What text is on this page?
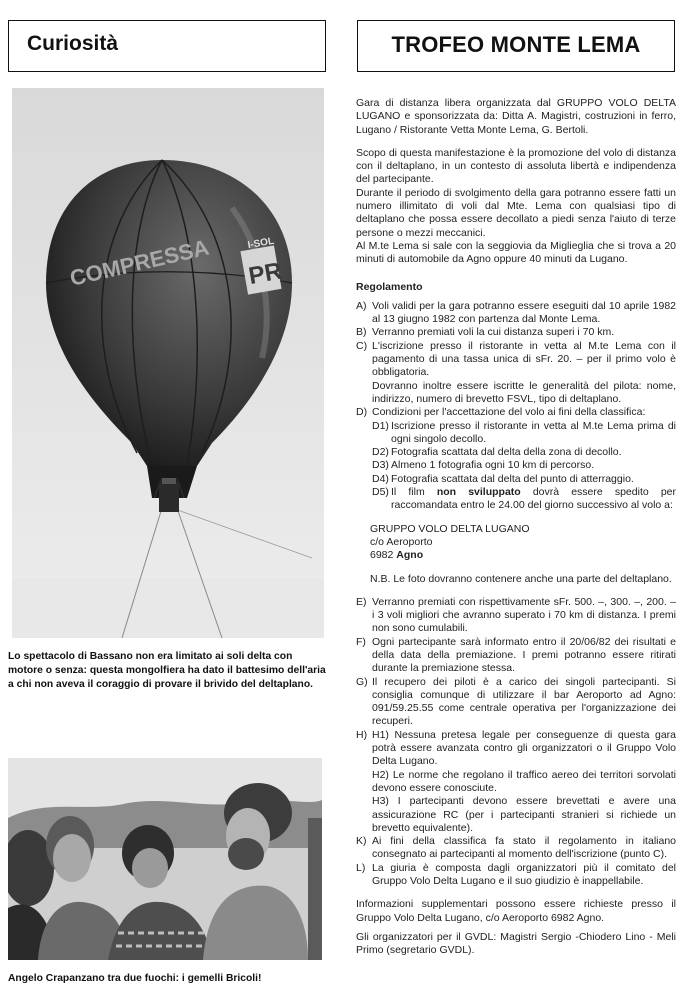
Curiosità	TROFEO MONTE LEMA
COMPRESSA PR
I-SOL
Lo spettacolo di Bassano non era limitato ai soli delta con motore o senza: questa mongolfiera ha dato il battesimo dell'aria a chi non aveva il coraggio di provare il brivido del deltaplano.
Angelo Crapanzano tra due fuochi: i gemelli Bricoli!

Gara di distanza libera organizzata dal GRUPPO VOLO DELTA LUGANO e sponsorizzata da: Ditta A. Magistri, costruzioni in ferro, Lugano / Ristorante Vetta Monte Lema, G. Bertoli.

Scopo di questa manifestazione è la promozione del volo di distanza con il deltaplano, in un contesto di assoluta libertà e indipendenza del partecipante.

Durante il periodo di svolgimento della gara potranno essere fatti un numero illimitato di voli dal Mte. Lema con qualsiasi tipo di deltaplano che possa essere decollato a piedi senza l'aiuto di terze persone o mezzi meccanici.

Al M.te Lema si sale con la seggiovia da Miglieglia che si trova a 20 minuti di automobile da Agno oppure 40 minuti da Lugano.

Regolamento

A) Voli validi per la gara potranno essere eseguiti dal 10 aprile 1982 al 13 giugno 1982 con partenza dal Monte Lema.

B) Verranno premiati voli la cui distanza superi i 70 km.

C) L'iscrizione presso il ristorante in vetta al M.te Lema con il pagamento di una tassa unica di sFr. 20. – per il primo volo è obbligatoria.

Dovranno inoltre essere iscritte le generalità del pilota: nome, indirizzo, numero di brevetto FSVL, tipo di deltaplano.

D) Condizioni per l'accettazione del volo ai fini della classifica:

D1) Iscrizione presso il ristorante in vetta al M.te Lema prima di ogni singolo decollo.

D2) Fotografia scattata dal delta della zona di decollo.

D3) Almeno 1 fotografia ogni 10 km di percorso.

D4) Fotografia scattata dal delta del punto di atterraggio.

D5) Il film non sviluppato dovrà essere spedito per raccomandata entro le 24.00 del giorno successivo al volo a:

GRUPPO VOLO DELTA LUGANO

c/o Aeroporto

6982 Agno

N.B. Le foto dovranno contenere anche una parte del deltaplano.

E) Verranno premiati con rispettivamente sFr. 500. –, 300. –, 200. – i 3 voli migliori che avranno superato i 70 km di distanza. I premi non sono cumulabili.

F) Ogni partecipante sarà informato entro il 20/06/82 dei risultati e della data della premiazione. I premi potranno essere ritirati durante la premiazione stessa.

G) Il recupero dei piloti è a carico dei singoli partecipanti. Si consiglia comunque di utilizzare il bar Aeroporto ad Agno: 091/59.25.55 come centrale operativa per l'organizzazione dei recuperi.

H) H1) Nessuna pretesa legale per conseguenze di questa gara potrà essere avanzata contro gli organizzatori o il Gruppo Volo Delta Lugano.

H2) Le norme che regolano il traffico aereo dei territori sorvolati devono essere conosciute.

H3) I partecipanti devono essere brevettati e avere una assicurazione RC (per i partecipanti stranieri si richiede un brevetto equivalente).

K) Ai fini della classifica fa stato il regolamento in italiano consegnato ai partecipanti al momento dell'iscrizione (punto C).

L) La giuria è composta dagli organizzatori più il comitato del Gruppo Volo Delta Lugano e il suo giudizio è inappellabile.

Informazioni supplementari possono essere richieste presso il Gruppo Volo Delta Lugano, c/o Aeroporto 6982 Agno.

Gli organizzatori per il GVDL: Magistri Sergio -Chiodero Lino - Meli Primo (segretario GVDL).
